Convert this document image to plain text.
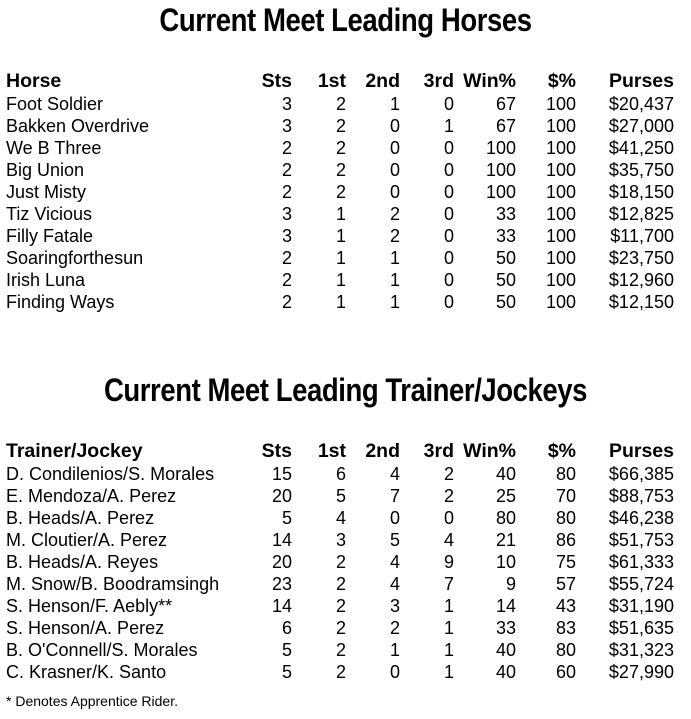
Current Meet Leading Horses
Horse	Sts	1st	2nd	3rd	Win%	$%	Purses
Foot Soldier	3	2	1	0	67	100	$20,437
Bakken Overdrive	3	2	0	1	67	100	$27,000
We B Three	2	2	0	0	100	100	$41,250
Big Union	2	2	0	0	100	100	$35,750
Just Misty	2	2	0	0	100	100	$18,150
Tiz Vicious	3	1	2	0	33	100	$12,825
Filly Fatale	3	1	2	0	33	100	$11,700
Soaringforthesun	2	1	1	0	50	100	$23,750
Irish Luna	2	1	1	0	50	100	$12,960
Finding Ways	2	1	1	0	50	100	$12,150
Current Meet Leading Trainer/Jockeys
Trainer/Jockey	Sts	1st	2nd	3rd	Win%	$%	Purses
D. Condilenios/S. Morales	15	6	4	2	40	80	$66,385
E. Mendoza/A. Perez	20	5	7	2	25	70	$88,753
B. Heads/A. Perez	5	4	0	0	80	80	$46,238
M. Cloutier/A. Perez	14	3	5	4	21	86	$51,753
B. Heads/A. Reyes	20	2	4	9	10	75	$61,333
M. Snow/B. Boodramsingh	23	2	4	7	9	57	$55,724
S. Henson/F. Aebly**	14	2	3	1	14	43	$31,190
S. Henson/A. Perez	6	2	2	1	33	83	$51,635
B. O'Connell/S. Morales	5	2	1	1	40	80	$31,323
C. Krasner/K. Santo	5	2	0	1	40	60	$27,990
* Denotes Apprentice Rider.
